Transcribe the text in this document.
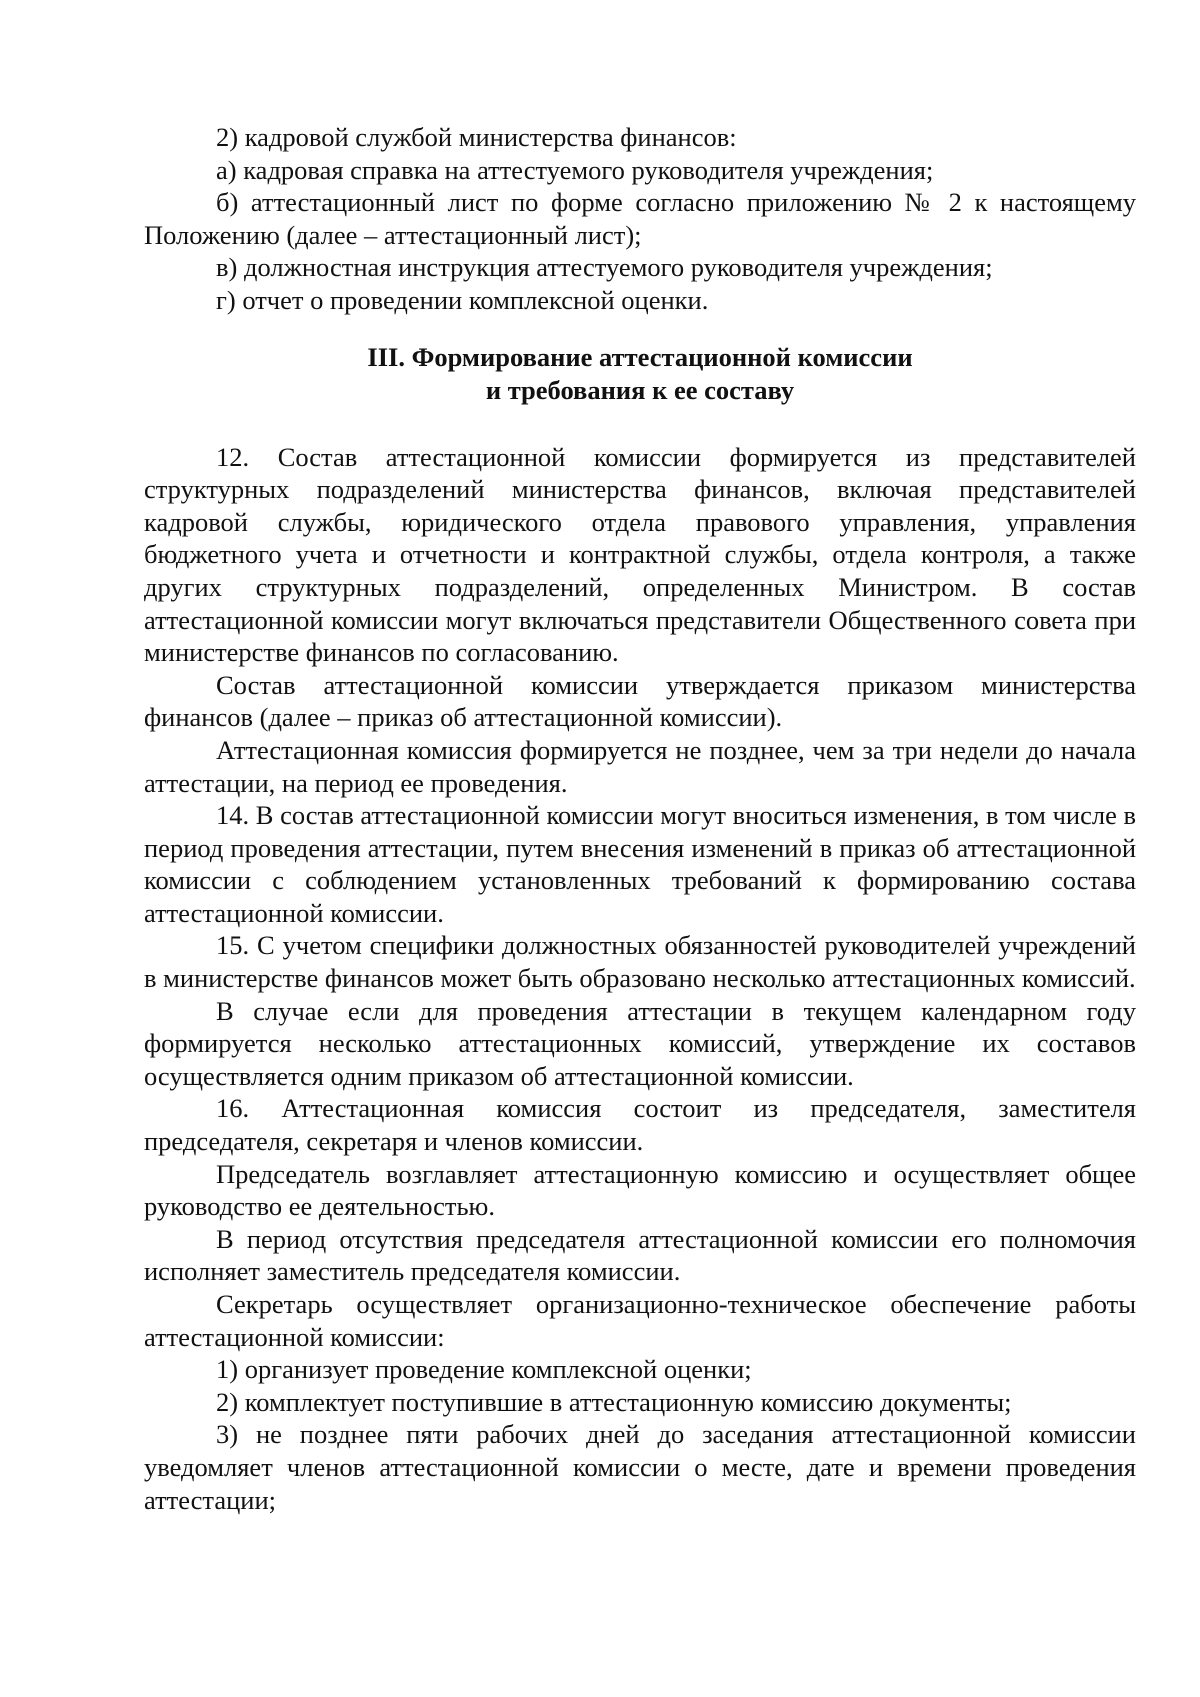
2) кадровой службой министерства финансов:

а) кадровая справка на аттестуемого руководителя учреждения;

б) аттестационный лист по форме согласно приложению № 2 к настоящему Положению (далее – аттестационный лист);

в) должностная инструкция аттестуемого руководителя учреждения;

г) отчет о проведении комплексной оценки.

III. Формирование аттестационной комиссии
и требования к ее составу

12. Состав аттестационной комиссии формируется из представителей структурных подразделений министерства финансов, включая представителей кадровой службы, юридического отдела правового управления, управления бюджетного учета и отчетности и контрактной службы, отдела контроля, а также других структурных подразделений, определенных Министром. В состав аттестационной комиссии могут включаться представители Общественного совета при министерстве финансов по согласованию.

Состав аттестационной комиссии утверждается приказом министерства финансов (далее – приказ об аттестационной комиссии).

Аттестационная комиссия формируется не позднее, чем за три недели до начала аттестации, на период ее проведения.

14. В состав аттестационной комиссии могут вноситься изменения, в том числе в период проведения аттестации, путем внесения изменений в приказ об аттестационной комиссии с соблюдением установленных требований к формированию состава аттестационной комиссии.

15. С учетом специфики должностных обязанностей руководителей учреждений в министерстве финансов может быть образовано несколько аттестационных комиссий.

В случае если для проведения аттестации в текущем календарном году формируется несколько аттестационных комиссий, утверждение их составов осуществляется одним приказом об аттестационной комиссии.

16. Аттестационная комиссия состоит из председателя, заместителя председателя, секретаря и членов комиссии.

Председатель возглавляет аттестационную комиссию и осуществляет общее руководство ее деятельностью.

В период отсутствия председателя аттестационной комиссии его полномочия исполняет заместитель председателя комиссии.

Секретарь осуществляет организационно-техническое обеспечение работы аттестационной комиссии:

1) организует проведение комплексной оценки;

2) комплектует поступившие в аттестационную комиссию документы;

3) не позднее пяти рабочих дней до заседания аттестационной комиссии уведомляет членов аттестационной комиссии о месте, дате и времени проведения аттестации;
